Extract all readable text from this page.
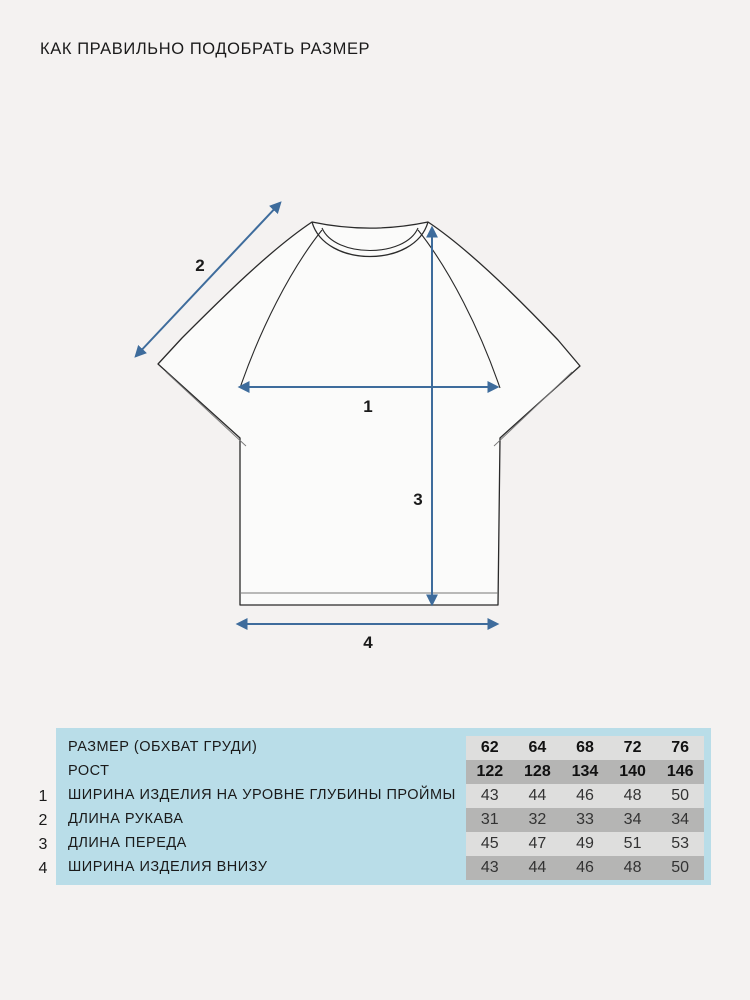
КАК ПРАВИЛЬНО ПОДОБРАТЬ РАЗМЕР
1
2
3
4
РАЗМЕР (ОБХВАТ ГРУДИ)	62	64	68	72	76
РОСТ	122	128	134	140	146
ШИРИНА ИЗДЕЛИЯ НА УРОВНЕ ГЛУБИНЫ ПРОЙМЫ	43	44	46	48	50
ДЛИНА РУКАВА	31	32	33	34	34
ДЛИНА ПЕРЕДА	45	47	49	51	53
ШИРИНА ИЗДЕЛИЯ ВНИЗУ	43	44	46	48	50
1
2
3
4
